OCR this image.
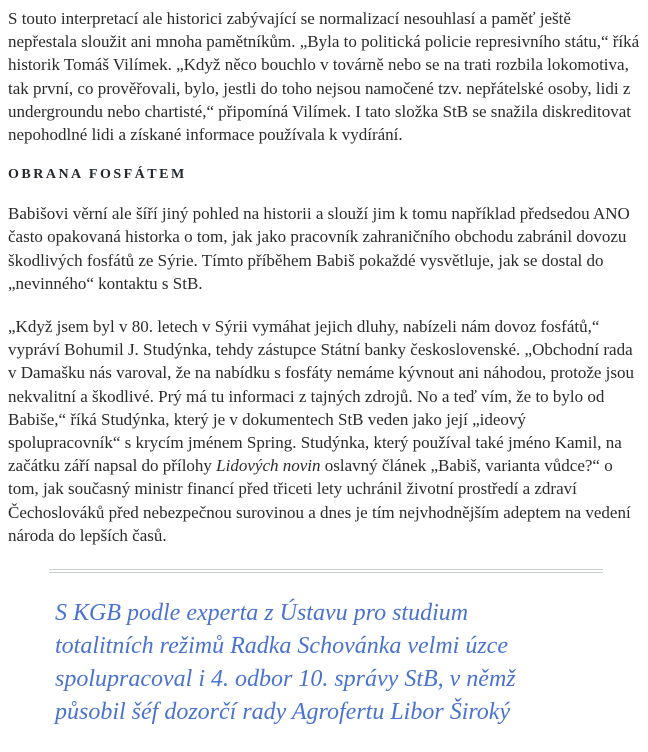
S touto interpretací ale historici zabývající se normalizací nesouhlasí a paměť ještě nepřestala sloužit ani mnoha pamětníkům. „Byla to politická policie represivního státu,“ říká historik Tomáš Vilímek. „Když něco bouchlo v továrně nebo se na trati rozbila lokomotiva, tak první, co prověřovali, bylo, jestli do toho nejsou namočené tzv. nepřátelské osoby, lidi z undergroundu nebo chartisté,“ připomíná Vilímek. I tato složka StB se snažila diskreditovat nepohodlné lidi a získané informace používala k vydírání.

OBRANA FOSFÁTEM

Babišovi věrní ale šíří jiný pohled na historii a slouží jim k tomu například předsedou ANO často opakovaná historka o tom, jak jako pracovník zahraničního obchodu zabránil dovozu škodlivých fosfátů ze Sýrie. Tímto příběhem Babiš pokaždé vysvětluje, jak se dostal do „nevinného“ kontaktu s StB.

„Když jsem byl v 80. letech v Sýrii vymáhat jejich dluhy, nabízeli nám dovoz fosfátů,“ vypráví Bohumil J. Studýnka, tehdy zástupce Státní banky československé. „Obchodní rada v Damašku nás varoval, že na nabídku s fosfáty nemáme kývnout ani náhodou, protože jsou nekvalitní a škodlivé. Prý má tu informaci z tajných zdrojů. No a teď vím, že to bylo od Babiše,“ říká Studýnka, který je v dokumentech StB veden jako její „ideový spolupracovník“ s krycím jménem Spring. Studýnka, který používal také jméno Kamil, na začátku září napsal do přílohy Lidových novin oslavný článek „Babiš, varianta vůdce?“ o tom, jak současný ministr financí před třiceti lety uchránil životní prostředí a zdraví Čechoslováků před nebezpečnou surovinou a dnes je tím nejvhodnějším adeptem na vedení národa do lepších časů.

S KGB podle experta z Ústavu pro studium totalitních režimů Radka Schovánka velmi úzce spolupracoval i 4. odbor 10. správy StB, v němž působil šéf dozorčí rady Agrofertu Libor Široký
